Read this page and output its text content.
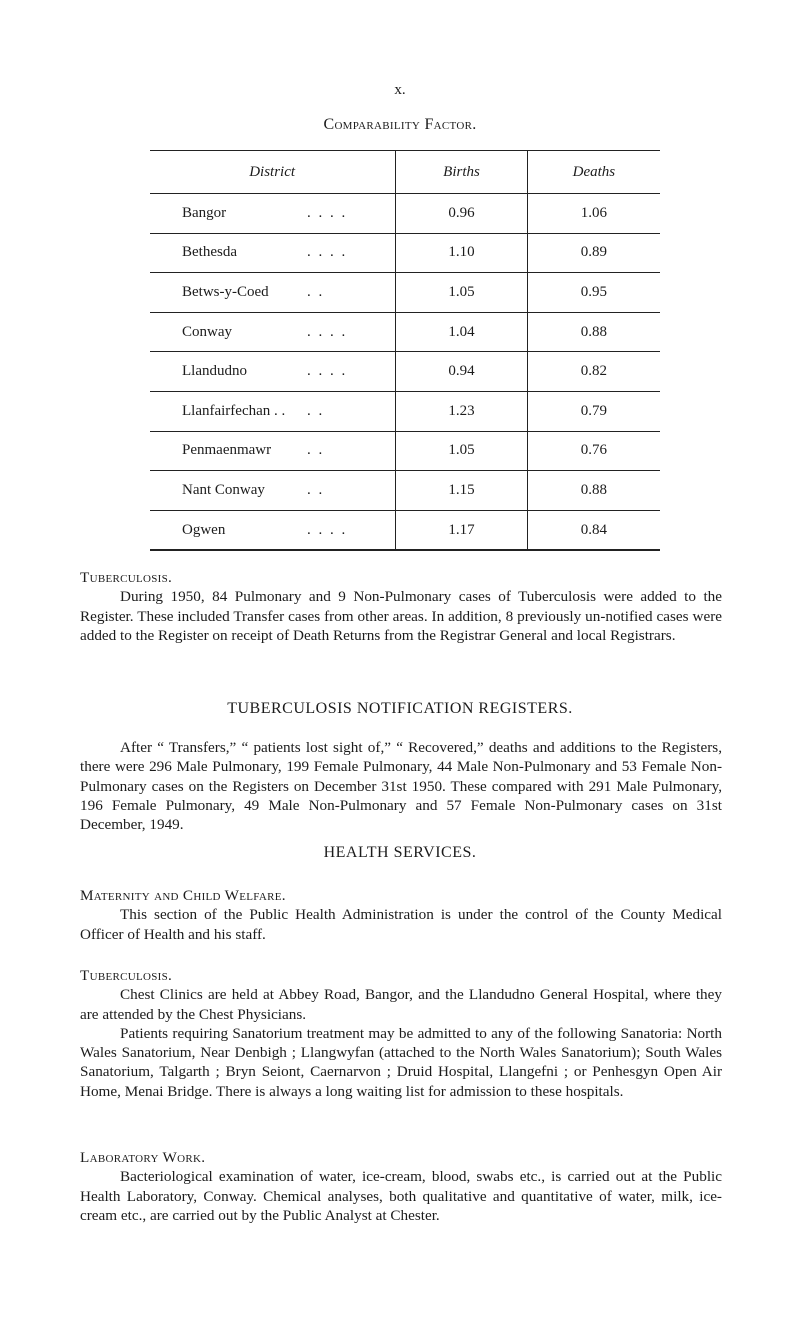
x.
Comparability Factor.
District	Births	Deaths
Bangor . . . .	0.96	1.06
Bethesda . . . .	1.10	0.89
Betws-y-Coed . .	1.05	0.95
Conway . . . .	1.04	0.88
Llandudno . . . .	0.94	0.82
Llanfairfechan . . . .	1.23	0.79
Penmaenmawr . .	1.05	0.76
Nant Conway . .	1.15	0.88
Ogwen . . . .	1.17	0.84

Tuberculosis.

During 1950, 84 Pulmonary and 9 Non-Pulmonary cases of Tuberculosis were added to the Register. These included Transfer cases from other areas. In addition, 8 previously un-notified cases were added to the Register on receipt of Death Returns from the Registrar General and local Registrars.

TUBERCULOSIS NOTIFICATION REGISTERS.

After “ Transfers,” “ patients lost sight of,” “ Recovered,” deaths and additions to the Registers, there were 296 Male Pulmonary, 199 Female Pulmonary, 44 Male Non-Pulmonary and 53 Female Non-Pulmonary cases on the Registers on December 31st 1950. These compared with 291 Male Pulmonary, 196 Female Pulmonary, 49 Male Non-Pulmonary and 57 Female Non-Pulmonary cases on 31st December, 1949.

HEALTH SERVICES.

Maternity and Child Welfare.

This section of the Public Health Administration is under the control of the County Medical Officer of Health and his staff.

Tuberculosis.

Chest Clinics are held at Abbey Road, Bangor, and the Llandudno General Hospital, where they are attended by the Chest Physicians.

Patients requiring Sanatorium treatment may be admitted to any of the following Sanatoria: North Wales Sanatorium, Near Denbigh ; Llangwyfan (attached to the North Wales Sanatorium); South Wales Sanatorium, Talgarth ; Bryn Seiont, Caernarvon ; Druid Hospital, Llangefni ; or Penhesgyn Open Air Home, Menai Bridge. There is always a long waiting list for admission to these hospitals.

Laboratory Work.

Bacteriological examination of water, ice-cream, blood, swabs etc., is carried out at the Public Health Laboratory, Conway. Chemical analyses, both qualitative and quantitative of water, milk, ice-cream etc., are carried out by the Public Analyst at Chester.
